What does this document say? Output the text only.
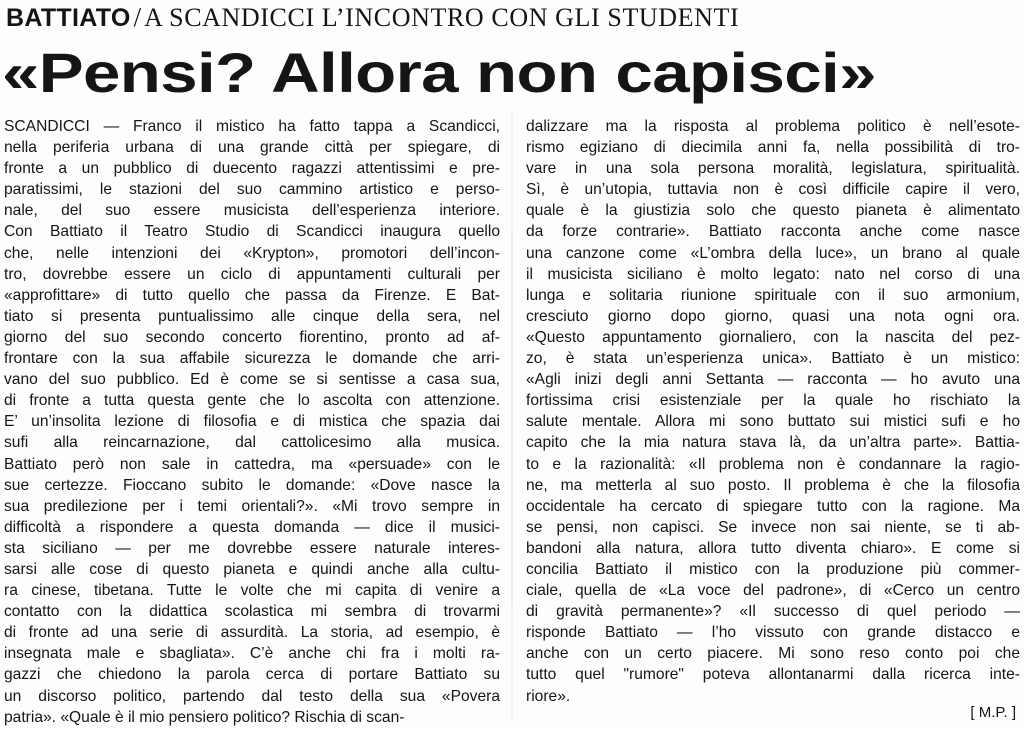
BATTIATO / A SCANDICCI L’INCONTRO CON GLI STUDENTI
«Pensi? Allora non capisci»
SCANDICCI — Franco il mistico ha fatto tappa a Scandicci,
nella periferia urbana di una grande città per spiegare, di
fronte a un pubblico di duecento ragazzi attentissimi e pre-
paratissimi, le stazioni del suo cammino artistico e perso-
nale, del suo essere musicista dell’esperienza interiore.
Con Battiato il Teatro Studio di Scandicci inaugura quello
che, nelle intenzioni dei «Krypton», promotori dell’incon-
tro, dovrebbe essere un ciclo di appuntamenti culturali per
«approfittare» di tutto quello che passa da Firenze. E Bat-
tiato si presenta puntualissimo alle cinque della sera, nel
giorno del suo secondo concerto fiorentino, pronto ad af-
frontare con la sua affabile sicurezza le domande che arri-
vano del suo pubblico. Ed è come se si sentisse a casa sua,
di fronte a tutta questa gente che lo ascolta con attenzione.
E’ un’insolita lezione di filosofia e di mistica che spazia dai
sufi alla reincarnazione, dal cattolicesimo alla musica.
Battiato però non sale in cattedra, ma «persuade» con le
sue certezze. Fioccano subito le domande: «Dove nasce la
sua predilezione per i temi orientali?». «Mi trovo sempre in
difficoltà a rispondere a questa domanda — dice il musici-
sta siciliano — per me dovrebbe essere naturale interes-
sarsi alle cose di questo pianeta e quindi anche alla cultu-
ra cinese, tibetana. Tutte le volte che mi capita di venire a
contatto con la didattica scolastica mi sembra di trovarmi
di fronte ad una serie di assurdità. La storia, ad esempio, è
insegnata male e sbagliata». C’è anche chi fra i molti ra-
gazzi che chiedono la parola cerca di portare Battiato su
un discorso politico, partendo dal testo della sua «Povera
patria». «Quale è il mio pensiero politico? Rischia di scan-
dalizzare ma la risposta al problema politico è nell’esote-
rismo egiziano di diecimila anni fa, nella possibilità di tro-
vare in una sola persona moralità, legislatura, spiritualità.
Sì, è un’utopia, tuttavia non è così difficile capire il vero,
quale è la giustizia solo che questo pianeta è alimentato
da forze contrarie». Battiato racconta anche come nasce
una canzone come «L’ombra della luce», un brano al quale
il musicista siciliano è molto legato: nato nel corso di una
lunga e solitaria riunione spirituale con il suo armonium,
cresciuto giorno dopo giorno, quasi una nota ogni ora.
«Questo appuntamento giornaliero, con la nascita del pez-
zo, è stata un’esperienza unica». Battiato è un mistico:
«Agli inizi degli anni Settanta — racconta — ho avuto una
fortissima crisi esistenziale per la quale ho rischiato la
salute mentale. Allora mi sono buttato sui mistici sufi e ho
capito che la mia natura stava là, da un’altra parte». Battia-
to e la razionalità: «Il problema non è condannare la ragio-
ne, ma metterla al suo posto. Il problema è che la filosofia
occidentale ha cercato di spiegare tutto con la ragione. Ma
se pensi, non capisci. Se invece non sai niente, se ti ab-
bandoni alla natura, allora tutto diventa chiaro». E come si
concilia Battiato il mistico con la produzione più commer-
ciale, quella de «La voce del padrone», di «Cerco un centro
di gravità permanente»? «Il successo di quel periodo —
risponde Battiato — l’ho vissuto con grande distacco e
anche con un certo piacere. Mi sono reso conto poi che
tutto quel "rumore" poteva allontanarmi dalla ricerca inte-
riore».
[ M.P. ]
